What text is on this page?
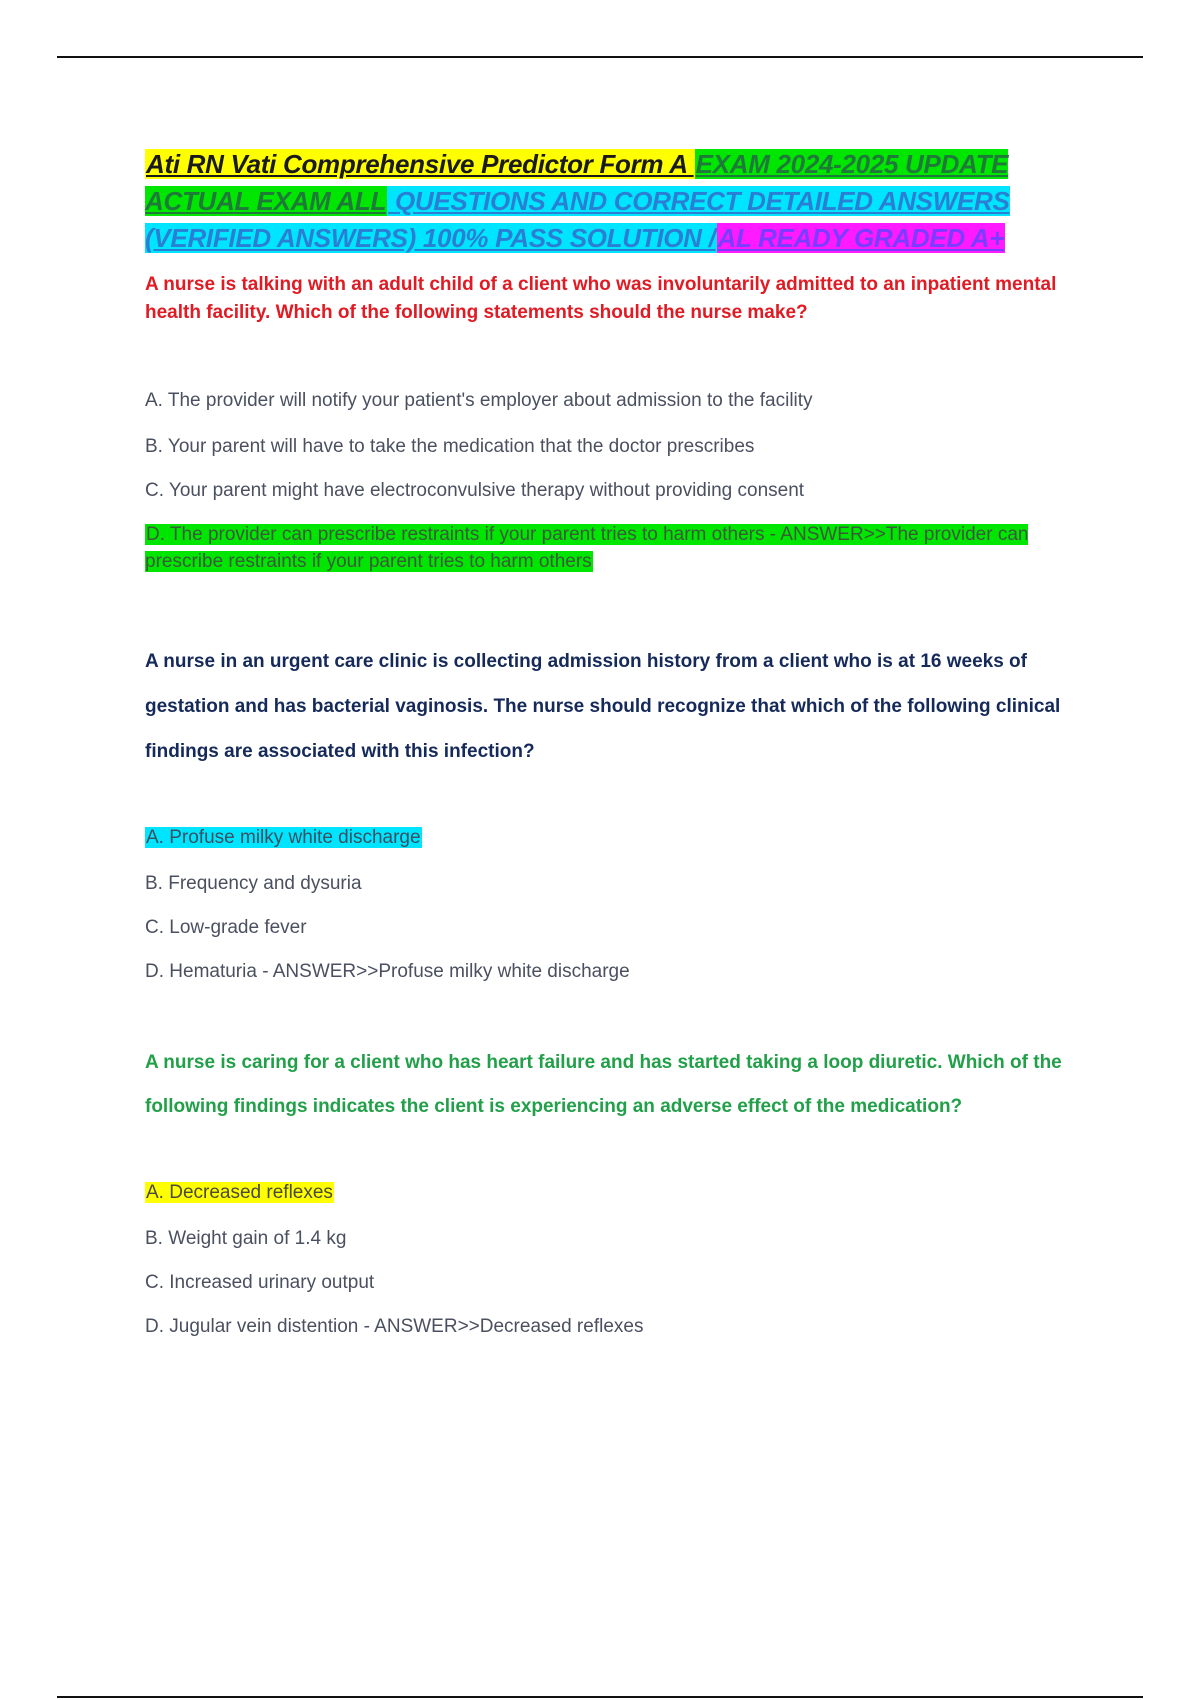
Ati RN Vati Comprehensive Predictor Form A EXAM 2024-2025 UPDATE ACTUAL EXAM ALL QUESTIONS AND CORRECT DETAILED ANSWERS (VERIFIED ANSWERS) 100% PASS SOLUTION /AL READY GRADED A+

A nurse is talking with an adult child of a client who was involuntarily admitted to an inpatient mental health facility. Which of the following statements should the nurse make?

A. The provider will notify your patient's employer about admission to the facility

B. Your parent will have to take the medication that the doctor prescribes

C. Your parent might have electroconvulsive therapy without providing consent

D. The provider can prescribe restraints if your parent tries to harm others - ANSWER>>The provider can prescribe restraints if your parent tries to harm others

A nurse in an urgent care clinic is collecting admission history from a client who is at 16 weeks of gestation and has bacterial vaginosis. The nurse should recognize that which of the following clinical findings are associated with this infection?

A. Profuse milky white discharge

B. Frequency and dysuria

C. Low-grade fever

D. Hematuria - ANSWER>>Profuse milky white discharge

A nurse is caring for a client who has heart failure and has started taking a loop diuretic. Which of the following findings indicates the client is experiencing an adverse effect of the medication?

A. Decreased reflexes

B. Weight gain of 1.4 kg

C. Increased urinary output

D. Jugular vein distention - ANSWER>>Decreased reflexes
